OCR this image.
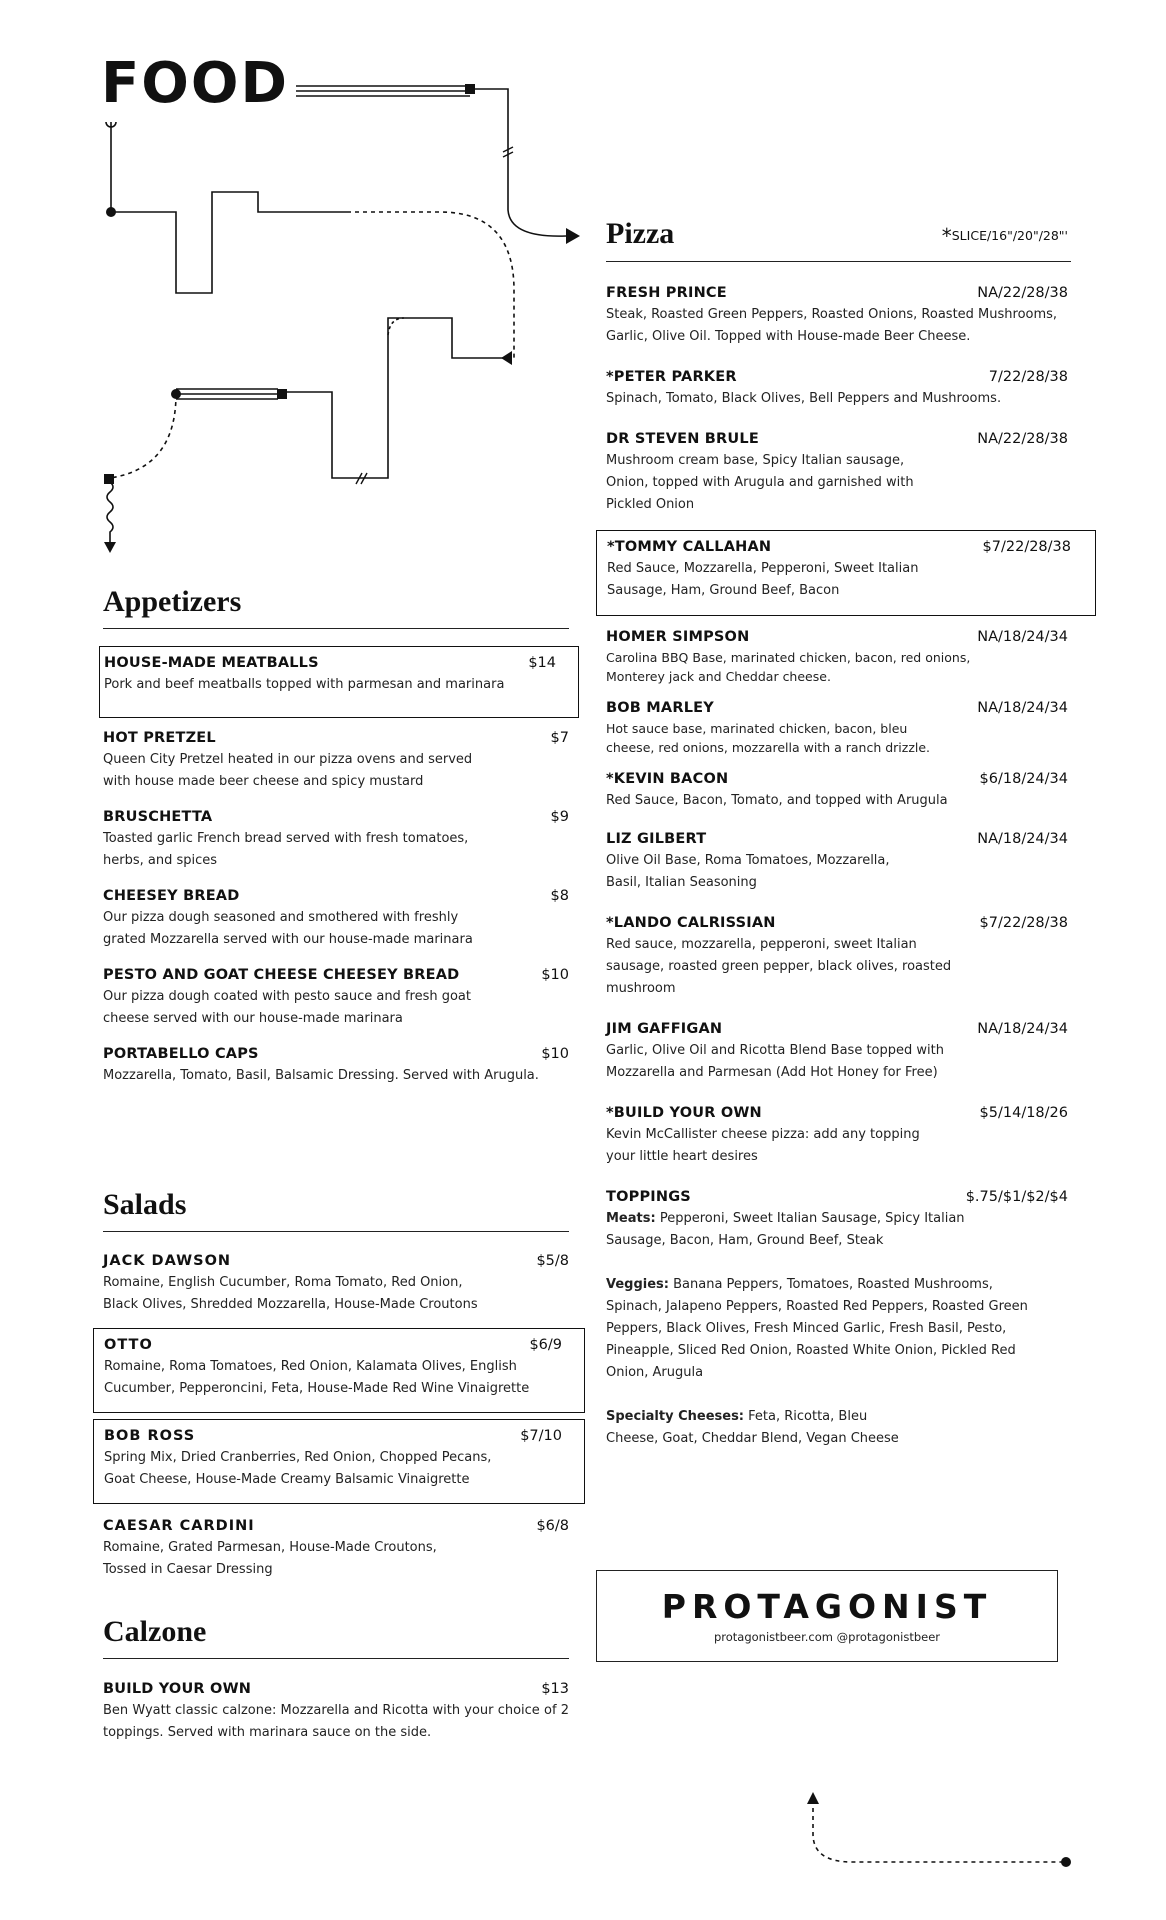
FOOD
Appetizers
HOUSE-MADE MEATBALLS	$14
Pork and beef meatballs topped with parmesan and marinara
HOT PRETZEL	$7
Queen City Pretzel heated in our pizza ovens and served with house made beer cheese and spicy mustard
BRUSCHETTA	$9
Toasted garlic French bread served with fresh tomatoes, herbs, and spices
CHEESEY BREAD	$8
Our pizza dough seasoned and smothered with freshly grated Mozzarella served with our house-made marinara
PESTO AND GOAT CHEESE CHEESEY BREAD	$10
Our pizza dough coated with pesto sauce and fresh goat cheese served with our house-made marinara
PORTABELLO CAPS	$10
Mozzarella, Tomato, Basil, Balsamic Dressing. Served with Arugula.
Salads
JACK DAWSON	$5/8
Romaine, English Cucumber, Roma Tomato, Red Onion, Black Olives, Shredded Mozzarella, House-Made Croutons
OTTO	$6/9
Romaine, Roma Tomatoes, Red Onion, Kalamata Olives, English Cucumber, Pepperoncini, Feta, House-Made Red Wine Vinaigrette
BOB ROSS	$7/10
Spring Mix, Dried Cranberries, Red Onion, Chopped Pecans, Goat Cheese, House-Made Creamy Balsamic Vinaigrette
CAESAR CARDINI	$6/8
Romaine, Grated Parmesan, House-Made Croutons, Tossed in Caesar Dressing
Calzone
BUILD YOUR OWN	$13
Ben Wyatt classic calzone: Mozzarella and Ricotta with your choice of 2 toppings. Served with marinara sauce on the side.
Pizza	*SLICE/16"/20"/28"'
FRESH PRINCE	NA/22/28/38
Steak, Roasted Green Peppers, Roasted Onions, Roasted Mushrooms, Garlic, Olive Oil. Topped with House-made Beer Cheese.
*PETER PARKER	7/22/28/38
Spinach, Tomato, Black Olives, Bell Peppers and Mushrooms.
DR STEVEN BRULE	NA/22/28/38
Mushroom cream base, Spicy Italian sausage, Onion, topped with Arugula and garnished with Pickled Onion
*TOMMY CALLAHAN	$7/22/28/38
Red Sauce, Mozzarella, Pepperoni, Sweet Italian Sausage, Ham, Ground Beef, Bacon
HOMER SIMPSON	NA/18/24/34
Carolina BBQ Base, marinated chicken, bacon, red onions, Monterey jack and Cheddar cheese.
BOB MARLEY	NA/18/24/34
Hot sauce base, marinated chicken, bacon, bleu cheese, red onions, mozzarella with a ranch drizzle.
*KEVIN BACON	$6/18/24/34
Red Sauce, Bacon, Tomato, and topped with Arugula
LIZ GILBERT	NA/18/24/34
Olive Oil Base, Roma Tomatoes, Mozzarella, Basil, Italian Seasoning
*LANDO CALRISSIAN	$7/22/28/38
Red sauce, mozzarella, pepperoni, sweet Italian sausage, roasted green pepper, black olives, roasted mushroom
JIM GAFFIGAN	NA/18/24/34
Garlic, Olive Oil and Ricotta Blend Base topped with Mozzarella and Parmesan (Add Hot Honey for Free)
*BUILD YOUR OWN	$5/14/18/26
Kevin McCallister cheese pizza: add any topping your little heart desires
TOPPINGS	$.75/$1/$2/$4
Meats: Pepperoni, Sweet Italian Sausage, Spicy Italian Sausage, Bacon, Ham, Ground Beef, Steak
Veggies: Banana Peppers, Tomatoes, Roasted Mushrooms, Spinach, Jalapeno Peppers, Roasted Red Peppers, Roasted Green Peppers, Black Olives, Fresh Minced Garlic, Fresh Basil, Pesto, Pineapple, Sliced Red Onion, Roasted White Onion, Pickled Red Onion, Arugula
Specialty Cheeses: Feta, Ricotta, Bleu Cheese, Goat, Cheddar Blend, Vegan Cheese
PROTAGONIST
protagonistbeer.com @protagonistbeer
